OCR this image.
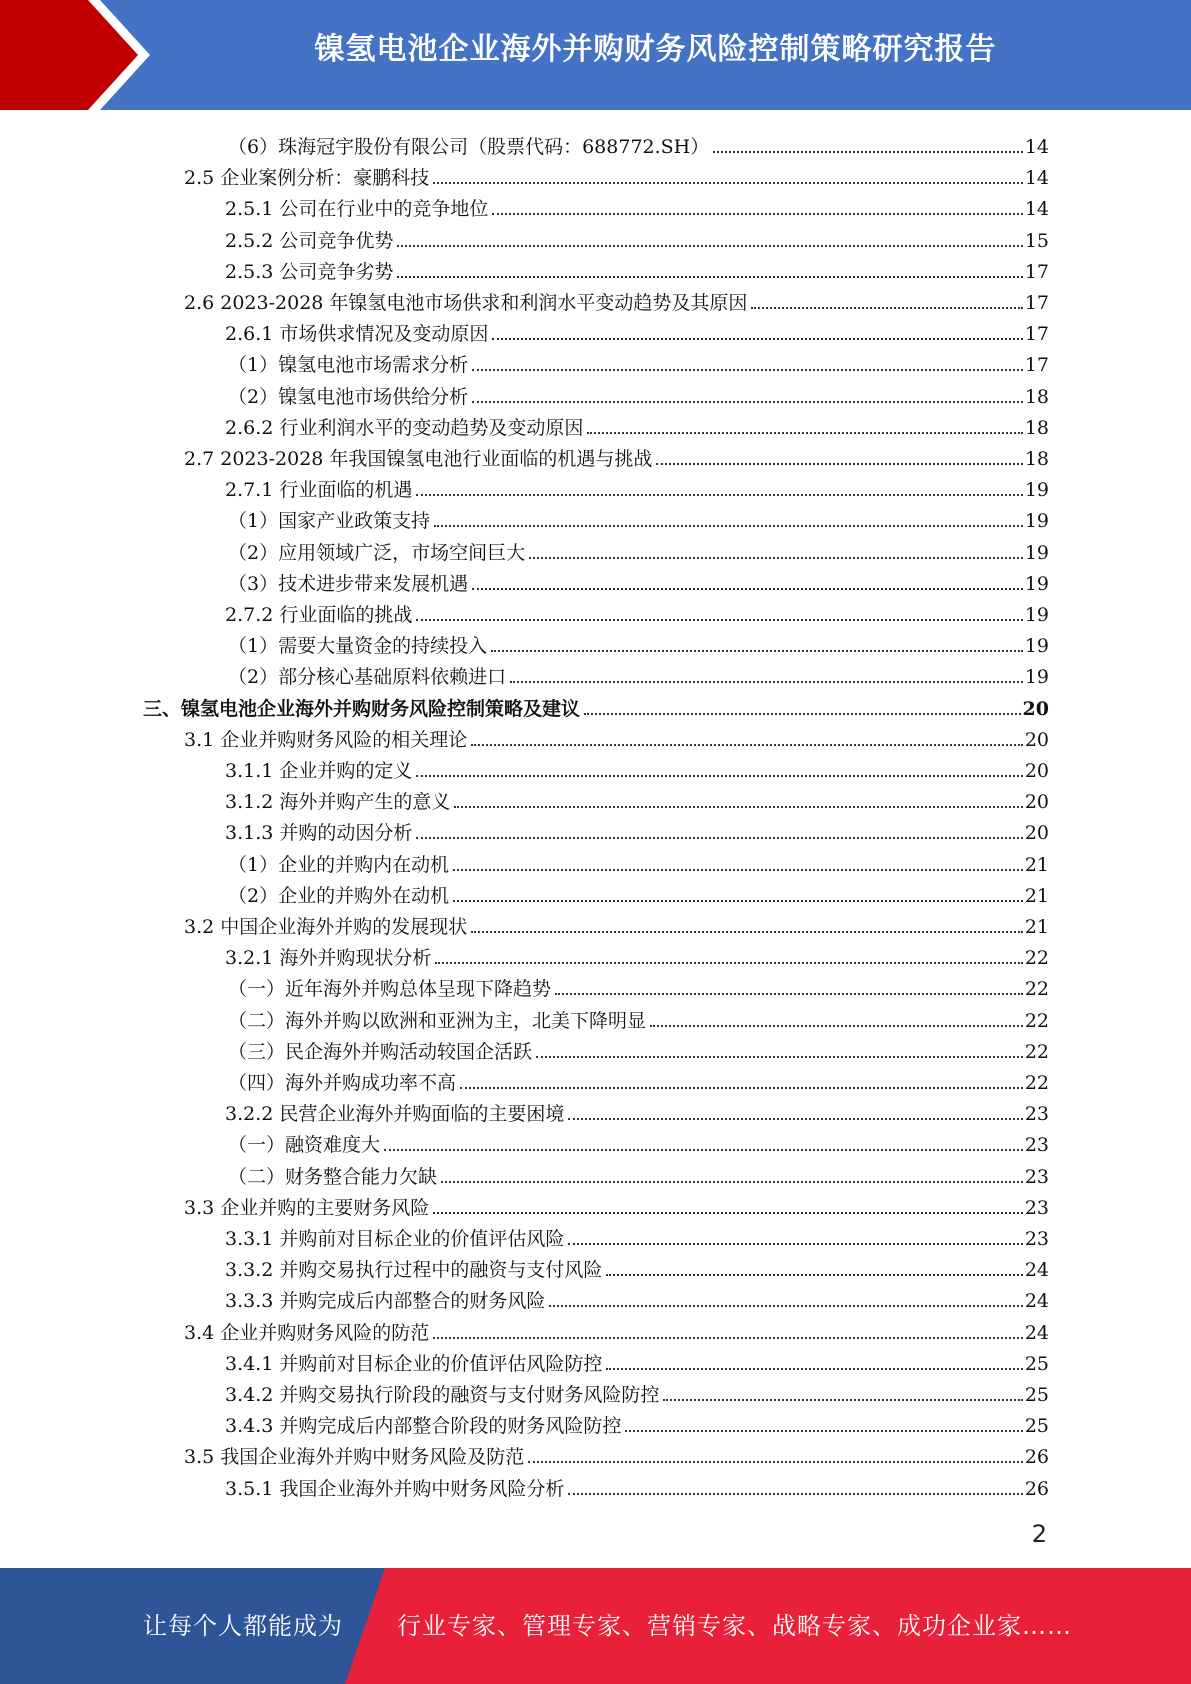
镍氢电池企业海外并购财务风险控制策略研究报告
（6）珠海冠宇股份有限公司（股票代码：688772.SH）	14
2.5 企业案例分析：豪鹏科技	14
2.5.1 公司在行业中的竞争地位	14
2.5.2 公司竞争优势	15
2.5.3 公司竞争劣势	17
2.6 2023-2028 年镍氢电池市场供求和利润水平变动趋势及其原因	17
2.6.1 市场供求情况及变动原因	17
（1）镍氢电池市场需求分析	17
（2）镍氢电池市场供给分析	18
2.6.2 行业利润水平的变动趋势及变动原因	18
2.7 2023-2028 年我国镍氢电池行业面临的机遇与挑战	18
2.7.1 行业面临的机遇	19
（1）国家产业政策支持	19
（2）应用领域广泛，市场空间巨大	19
（3）技术进步带来发展机遇	19
2.7.2 行业面临的挑战	19
（1）需要大量资金的持续投入	19
（2）部分核心基础原料依赖进口	19
三、镍氢电池企业海外并购财务风险控制策略及建议	20
3.1 企业并购财务风险的相关理论	20
3.1.1 企业并购的定义	20
3.1.2 海外并购产生的意义	20
3.1.3 并购的动因分析	20
（1）企业的并购内在动机	21
（2）企业的并购外在动机	21
3.2 中国企业海外并购的发展现状	21
3.2.1 海外并购现状分析	22
（一）近年海外并购总体呈现下降趋势	22
（二）海外并购以欧洲和亚洲为主，北美下降明显	22
（三）民企海外并购活动较国企活跃	22
（四）海外并购成功率不高	22
3.2.2 民营企业海外并购面临的主要困境	23
（一）融资难度大	23
（二）财务整合能力欠缺	23
3.3 企业并购的主要财务风险	23
3.3.1 并购前对目标企业的价值评估风险	23
3.3.2 并购交易执行过程中的融资与支付风险	24
3.3.3 并购完成后内部整合的财务风险	24
3.4 企业并购财务风险的防范	24
3.4.1 并购前对目标企业的价值评估风险防控	25
3.4.2 并购交易执行阶段的融资与支付财务风险防控	25
3.4.3 并购完成后内部整合阶段的财务风险防控	25
3.5 我国企业海外并购中财务风险及防范	26
3.5.1 我国企业海外并购中财务风险分析	26
2
让每个人都能成为 行业专家、管理专家、营销专家、战略专家、成功企业家……
